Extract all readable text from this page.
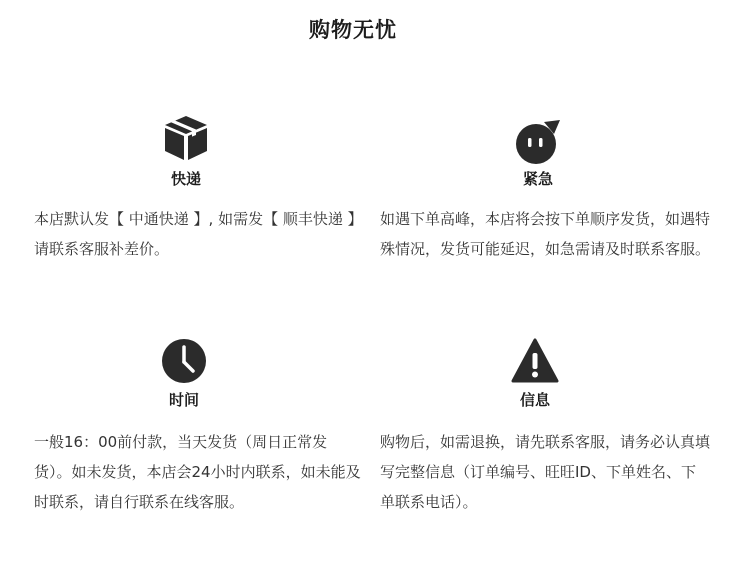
购物无忧
快递
本店默认发【 中通快递 】, 如需发【 顺丰快递 】请联系客服补差价。
紧急
如遇下单高峰，本店将会按下单顺序发货，如遇特殊情况，发货可能延迟，如急需请及时联系客服。
时间
一般16：00前付款，当天发货（周日正常发货）。如未发货，本店会24小时内联系，如未能及时联系，请自行联系在线客服。
信息
购物后，如需退换，请先联系客服，请务必认真填写完整信息（订单编号、旺旺ID、下单姓名、下单联系电话）。
